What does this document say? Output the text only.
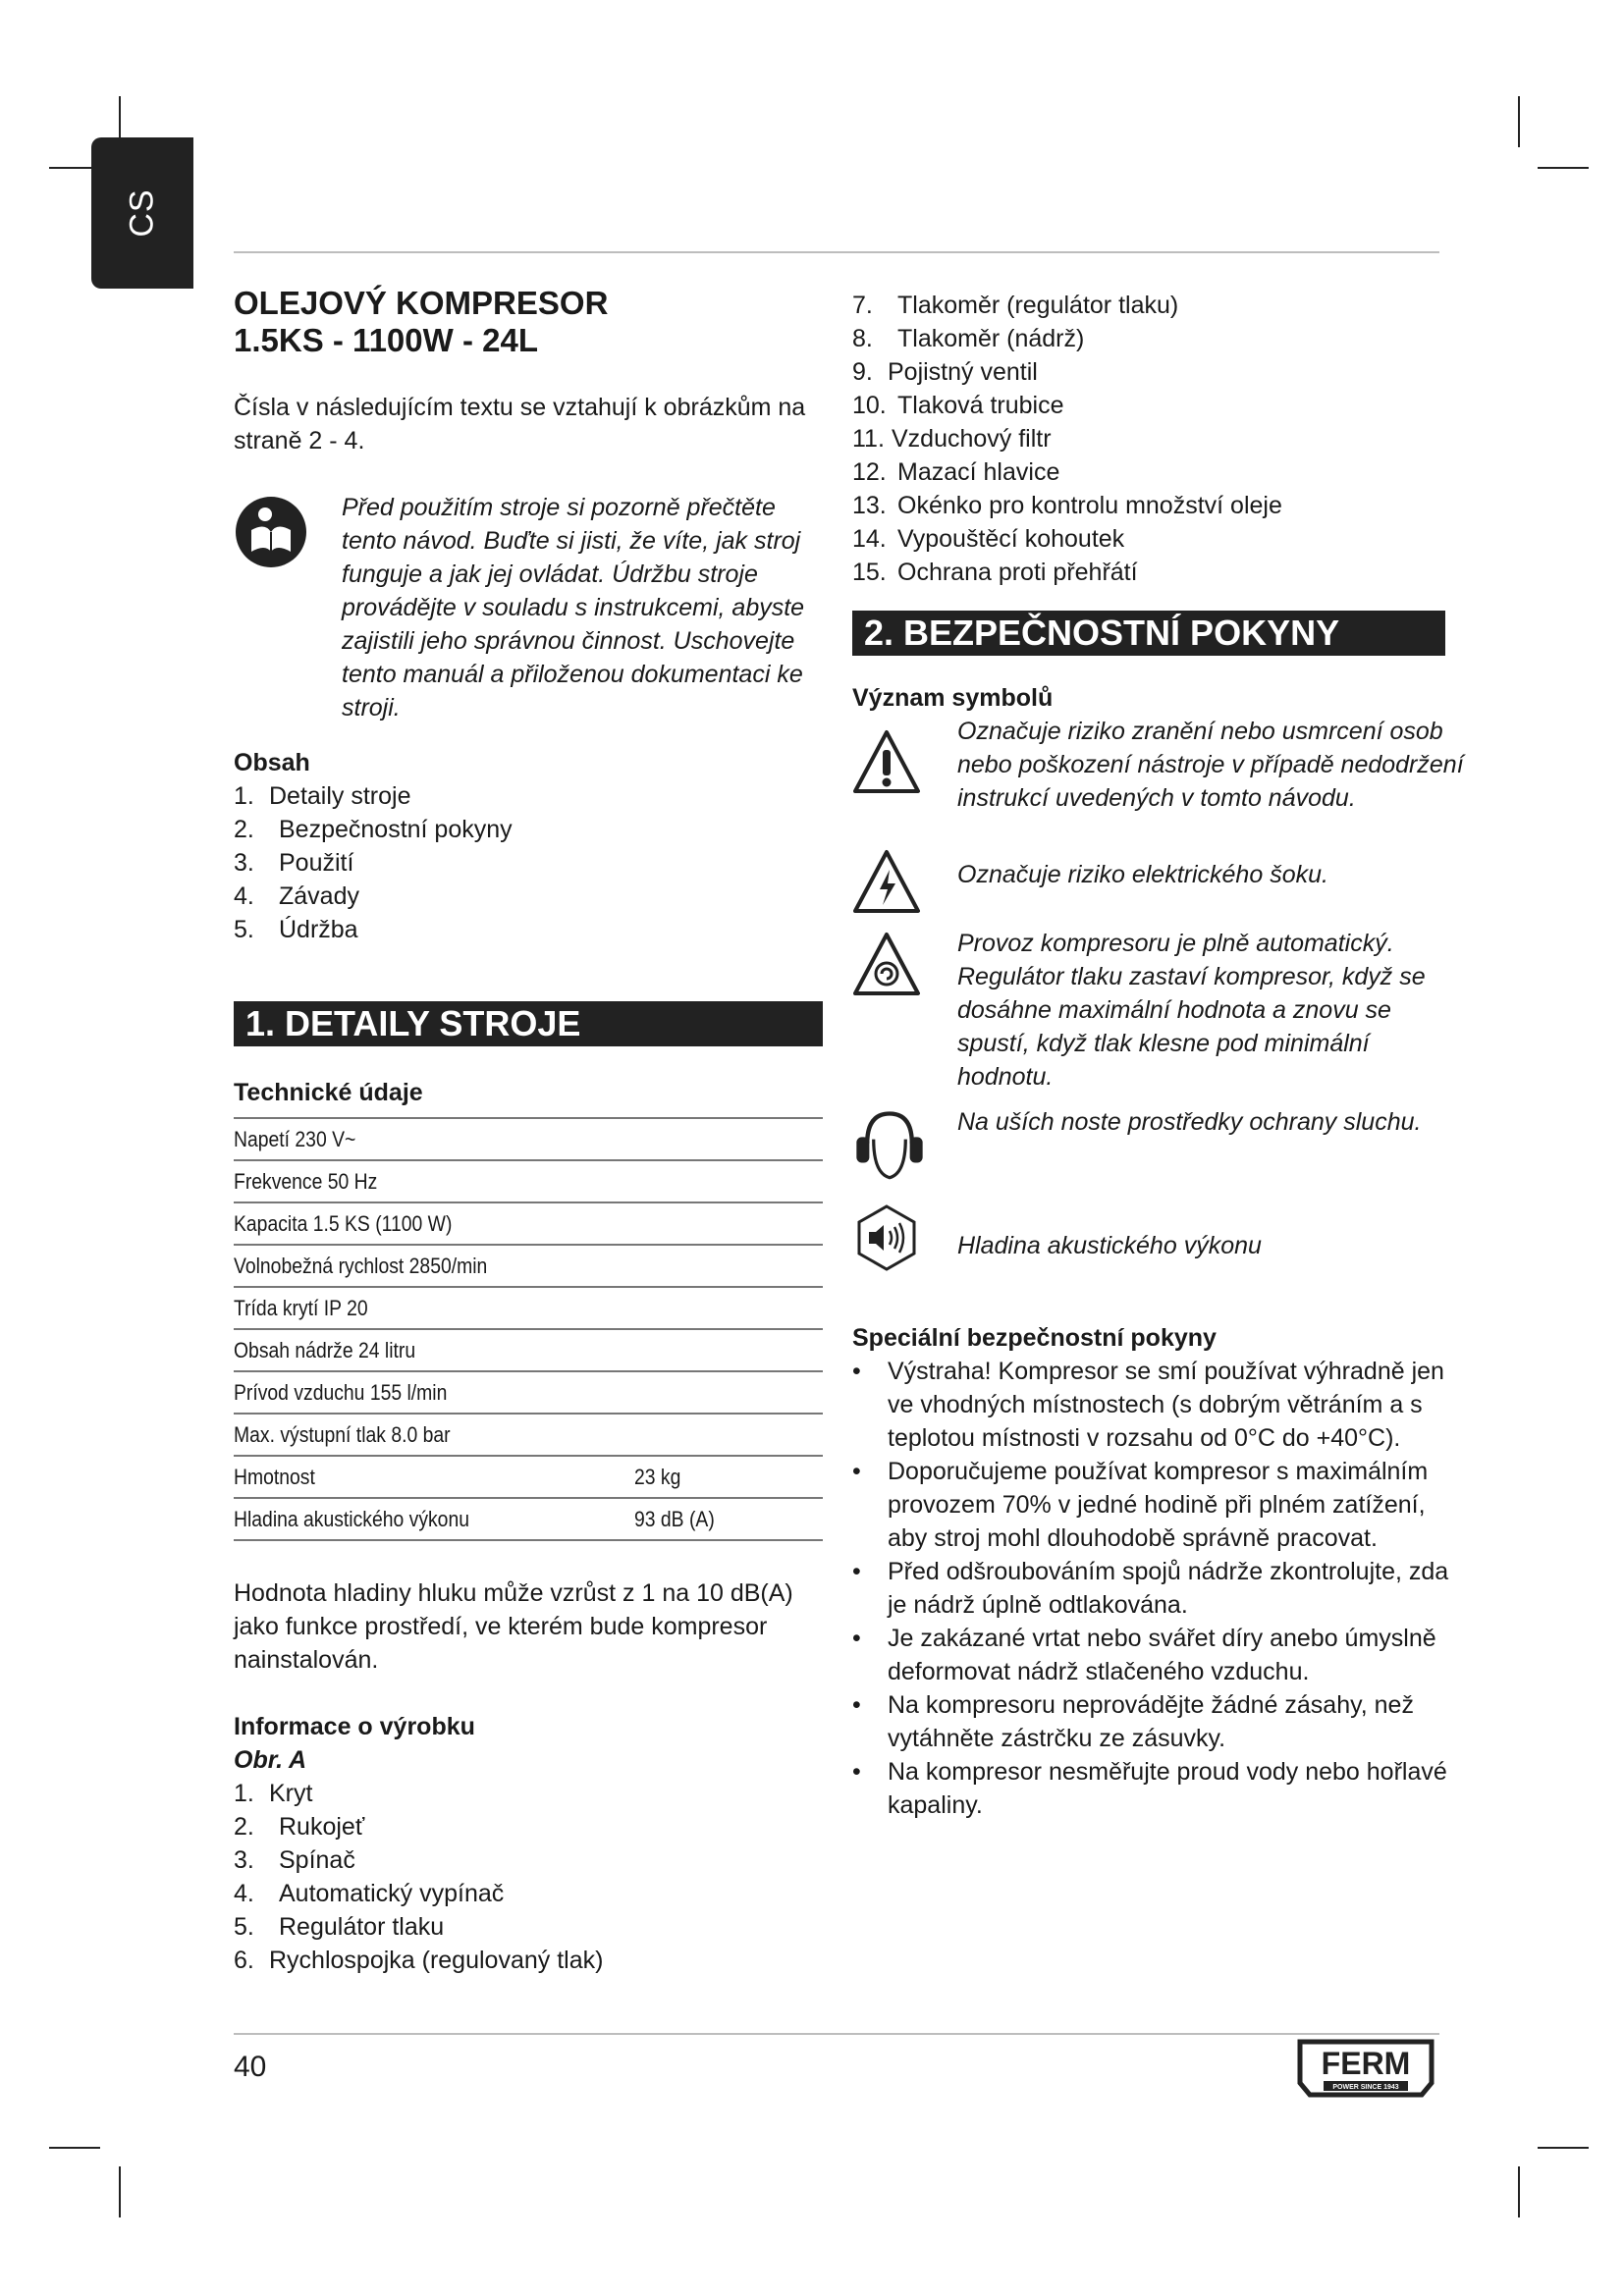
CS
OLEJOVÝ KOMPRESOR
1.5KS - 1100W - 24L

Čísla v následujícím textu se vztahují k obrázkům na straně 2 - 4.

Před použitím stroje si pozorně přečtěte tento návod. Buďte si jisti, že víte, jak stroj funguje a jak jej ovládat. Údržbu stroje provádějte v souladu s instrukcemi, abyste zajistili jeho správnou činnost. Uschovejte tento manuál a přiloženou dokumentaci ke stroji.

Obsah
1. Detaily stroje
2. Bezpečnostní pokyny
3. Použití
4. Závady
5. Údržba
1. DETAILY STROJE
Technické údaje
Napetí 230 V~	
Frekvence 50 Hz	
Kapacita 1.5 KS (1100 W)	
Volnobežná rychlost 2850/min	
Trída krytí IP 20	
Obsah nádrže 24 litru	
Prívod vzduchu 155 l/min	
Max. výstupní tlak 8.0 bar	
Hmotnost	23 kg
Hladina akustického výkonu	93 dB (A)

Hodnota hladiny hluku může vzrůst z 1 na 10 dB(A) jako funkce prostředí, ve kterém bude kompresor nainstalován.

Informace o výrobku
Obr. A
1. Kryt
2. Rukojeť
3. Spínač
4. Automatický vypínač
5. Regulátor tlaku
6. Rychlospojka (regulovaný tlak)
7. Tlakoměr (regulátor tlaku)
8. Tlakoměr (nádrž)
9. Pojistný ventil
10. Tlaková trubice
11. Vzduchový filtr
12. Mazací hlavice
13. Okénko pro kontrolu množství oleje
14. Vypouštěcí kohoutek
15. Ochrana proti přehřátí
2. BEZPEČNOSTNÍ POKYNY
Význam symbolů
Označuje riziko zranění nebo usmrcení osob nebo poškození nástroje v případě nedodržení instrukcí uvedených v tomto návodu.
Označuje riziko elektrického šoku.
Provoz kompresoru je plně automatický. Regulátor tlaku zastaví kompresor, když se dosáhne maximální hodnota a znovu se spustí, když tlak klesne pod minimální hodnotu.
Na uších noste prostředky ochrany sluchu.
Hladina akustického výkonu
Speciální bezpečnostní pokyny
• Výstraha! Kompresor se smí používat výhradně jen ve vhodných místnostech (s dobrým větráním a s teplotou místnosti v rozsahu od 0°C do +40°C).
• Doporučujeme používat kompresor s maximálním provozem 70% v jedné hodině při plném zatížení, aby stroj mohl dlouhodobě správně pracovat.
• Před odšroubováním spojů nádrže zkontrolujte, zda je nádrž úplně odtlakována.
• Je zakázané vrtat nebo svářet díry anebo úmyslně deformovat nádrž stlačeného vzduchu.
• Na kompresoru neprovádějte žádné zásahy, než vytáhněte zástrčku ze zásuvky.
• Na kompresor nesměřujte proud vody nebo hořlavé kapaliny.
40	FERM
POWER SINCE 1943
